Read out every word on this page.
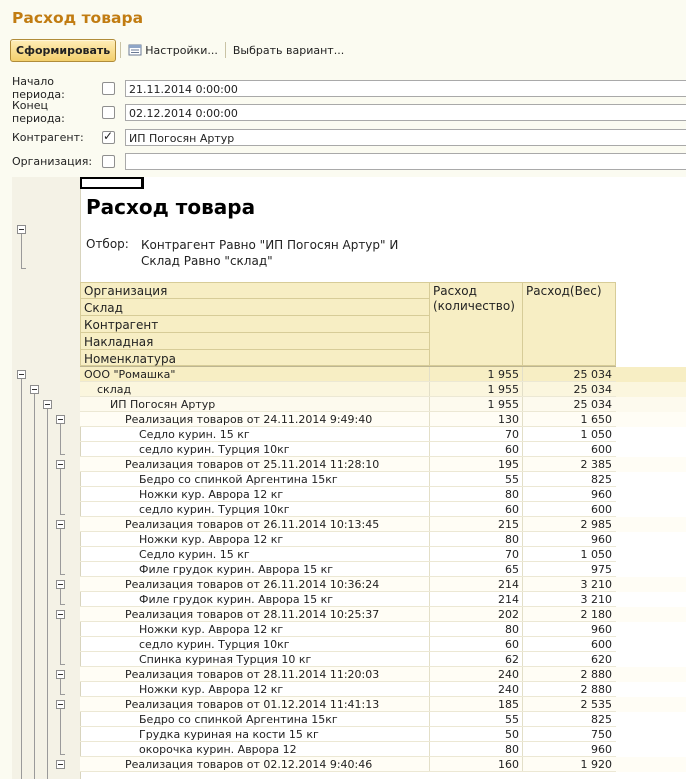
Расход товара
Сформировать	Настройки... Выбрать вариант...
Начало периода:	21.11.2014 0:00:00
Конец периода:	02.12.2014 0:00:00
Контрагент:
✓	ИП Погосян Артур
Организация:
Расход товара
Отбор: Контрагент Равно "ИП Погосян Артур" И
Склад Равно "склад"
Организация
Склад
Контрагент
Накладная
Номенклатура
Расход (количество)
Расход(Вес)
ООО "Ромашка"	1 955	25 034
склад	1 955	25 034
ИП Погосян Артур	1 955	25 034
Реализация товаров от 24.11.2014 9:49:40	130	1 650
Седло курин. 15 кг	70	1 050
седло курин. Турция 10кг	60	600
Реализация товаров от 25.11.2014 11:28:10	195	2 385
Бедро со спинкой Аргентина 15кг	55	825
Ножки кур. Аврора 12 кг	80	960
седло курин. Турция 10кг	60	600
Реализация товаров от 26.11.2014 10:13:45	215	2 985
Ножки кур. Аврора 12 кг	80	960
Седло курин. 15 кг	70	1 050
Филе грудок курин. Аврора 15 кг	65	975
Реализация товаров от 26.11.2014 10:36:24	214	3 210
Филе грудок курин. Аврора 15 кг	214	3 210
Реализация товаров от 28.11.2014 10:25:37	202	2 180
Ножки кур. Аврора 12 кг	80	960
седло курин. Турция 10кг	60	600
Спинка куриная Турция 10 кг	62	620
Реализация товаров от 28.11.2014 11:20:03	240	2 880
Ножки кур. Аврора 12 кг	240	2 880
Реализация товаров от 01.12.2014 11:41:13	185	2 535
Бедро со спинкой Аргентина 15кг	55	825
Грудка куриная на кости 15 кг	50	750
окорочка курин. Аврора 12	80	960
Реализация товаров от 02.12.2014 9:40:46	160	1 920
